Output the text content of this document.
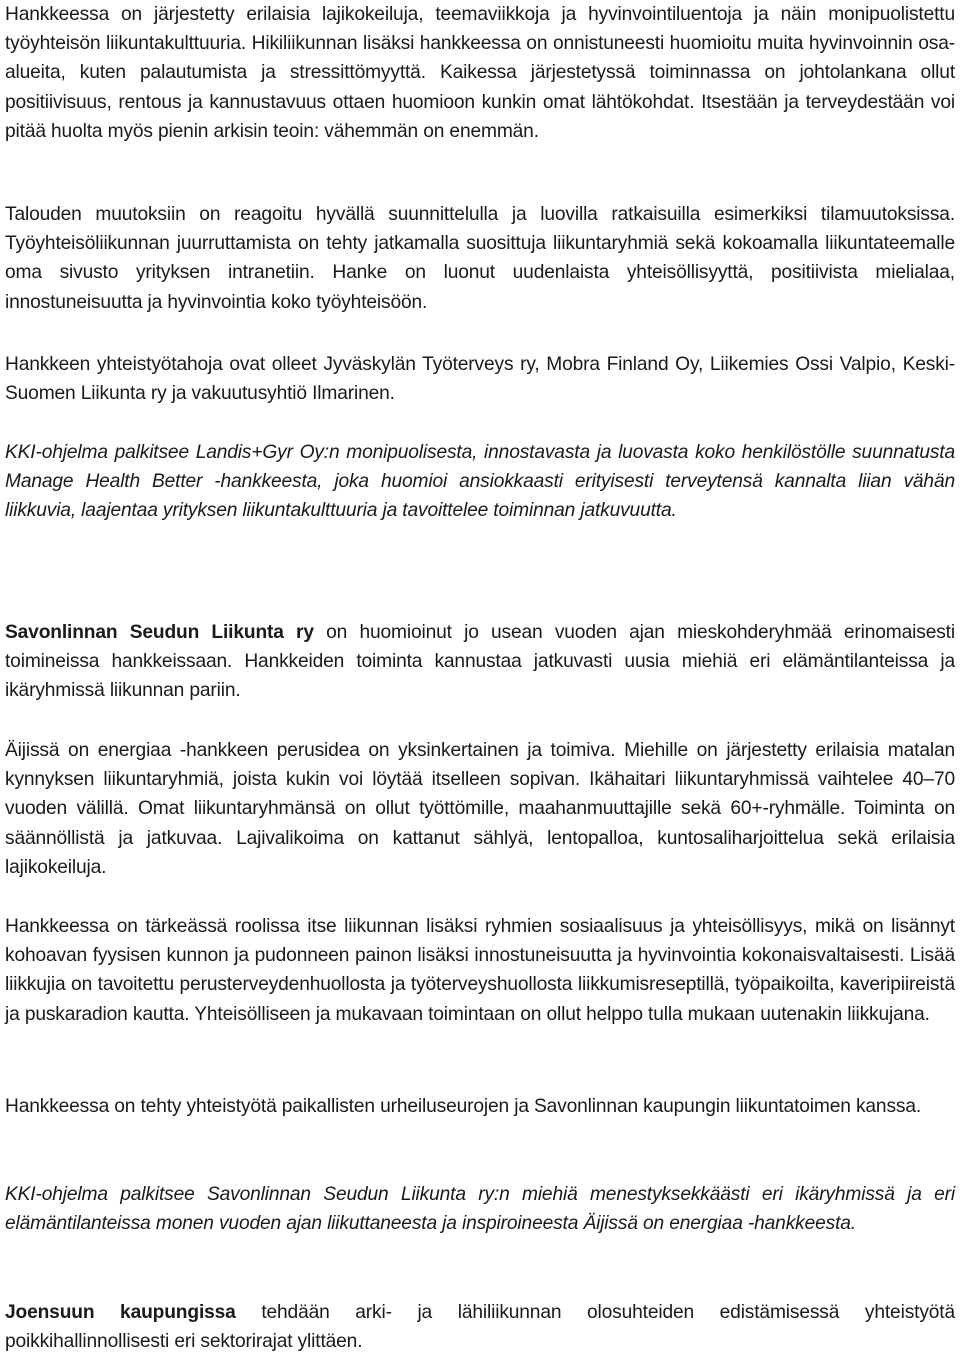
Hankkeessa on järjestetty erilaisia lajikokeiluja, teemaviikkoja ja hyvinvointiluentoja ja näin monipuolistettu työyhteisön liikuntakulttuuria. Hikiliikunnan lisäksi hankkeessa on onnistuneesti huomioitu muita hyvinvoinnin osa-alueita, kuten palautumista ja stressittömyyttä. Kaikessa järjestetyssä toiminnassa on johtolankana ollut positiivisuus, rentous ja kannustavuus ottaen huomioon kunkin omat lähtökohdat. Itsestään ja terveydestään voi pitää huolta myös pienin arkisin teoin: vähemmän on enemmän.

Talouden muutoksiin on reagoitu hyvällä suunnittelulla ja luovilla ratkaisuilla esimerkiksi tilamuutoksissa. Työyhteisöliikunnan juurruttamista on tehty jatkamalla suosittuja liikuntaryhmiä sekä kokoamalla liikuntateemalle oma sivusto yrityksen intranetiin. Hanke on luonut uudenlaista yhteisöllisyyttä, positiivista mielialaa, innostuneisuutta ja hyvinvointia koko työyhteisöön.

Hankkeen yhteistyötahoja ovat olleet Jyväskylän Työterveys ry, Mobra Finland Oy, Liikemies Ossi Valpio, Keski-Suomen Liikunta ry ja vakuutusyhtiö Ilmarinen.

KKI-ohjelma palkitsee Landis+Gyr Oy:n monipuolisesta, innostavasta ja luovasta koko henkilöstölle suunnatusta Manage Health Better -hankkeesta, joka huomioi ansiokkaasti erityisesti terveytensä kannalta liian vähän liikkuvia, laajentaa yrityksen liikuntakulttuuria ja tavoittelee toiminnan jatkuvuutta.

Savonlinnan Seudun Liikunta ry on huomioinut jo usean vuoden ajan mieskohderyhmää erinomaisesti toimineissa hankkeissaan. Hankkeiden toiminta kannustaa jatkuvasti uusia miehiä eri elämäntilanteissa ja ikäryhmissä liikunnan pariin.

Äijissä on energiaa -hankkeen perusidea on yksinkertainen ja toimiva. Miehille on järjestetty erilaisia matalan kynnyksen liikuntaryhmiä, joista kukin voi löytää itselleen sopivan. Ikähaitari liikuntaryhmissä vaihtelee 40–70 vuoden välillä. Omat liikuntaryhmänsä on ollut työttömille, maahanmuuttajille sekä 60+-ryhmälle. Toiminta on säännöllistä ja jatkuvaa. Lajivalikoima on kattanut sählyä, lentopalloa, kuntosaliharjoittelua sekä erilaisia lajikokeiluja.

Hankkeessa on tärkeässä roolissa itse liikunnan lisäksi ryhmien sosiaalisuus ja yhteisöllisyys, mikä on lisännyt kohoavan fyysisen kunnon ja pudonneen painon lisäksi innostuneisuutta ja hyvinvointia kokonaisvaltaisesti. Lisää liikkujia on tavoitettu perusterveydenhuollosta ja työterveyshuollosta liikkumisreseptillä, työpaikoilta, kaveripiireistä ja puskaradion kautta. Yhteisölliseen ja mukavaan toimintaan on ollut helppo tulla mukaan uutenakin liikkujana.

Hankkeessa on tehty yhteistyötä paikallisten urheiluseurojen ja Savonlinnan kaupungin liikuntatoimen kanssa.

KKI-ohjelma palkitsee Savonlinnan Seudun Liikunta ry:n miehiä menestyksekkäästi eri ikäryhmissä ja eri elämäntilanteissa monen vuoden ajan liikuttaneesta ja inspiroineesta Äijissä on energiaa -hankkeesta.

Joensuun kaupungissa tehdään arki- ja lähiliikunnan olosuhteiden edistämisessä yhteistyötä poikkihallinnollisesti eri sektorirajat ylittäen.
